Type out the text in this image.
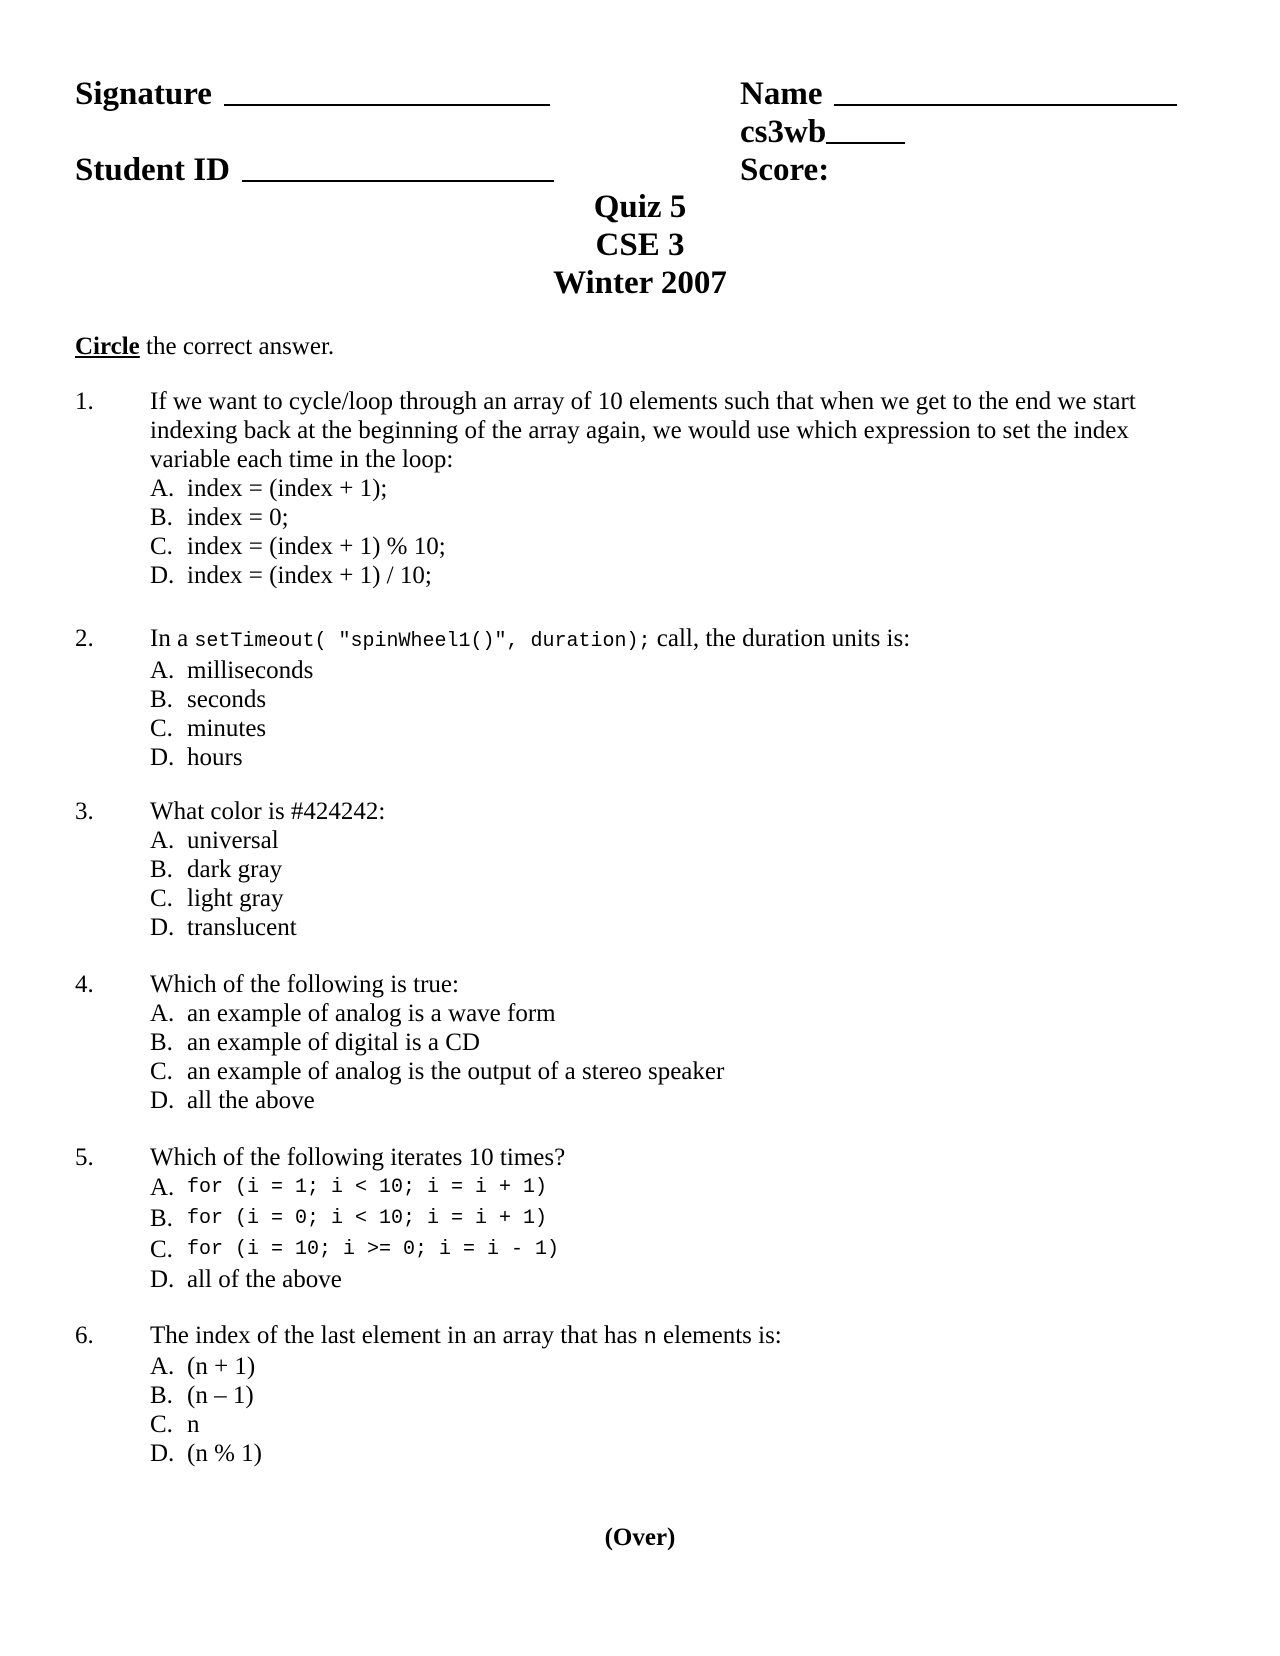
Signature
Student ID
Name
cs3wb
Score:
Quiz 5
CSE 3
Winter 2007
Circle the correct answer.
1. If we want to cycle/loop through an array of 10 elements such that when we get to the end we start indexing back at the beginning of the array again, we would use which expression to set the index variable each time in the loop:
A. index = (index + 1);
B. index = 0;
C. index = (index + 1) % 10;
D. index = (index + 1) / 10;
2. In a setTimeout( "spinWheel1()", duration); call, the duration units is:
A. milliseconds
B. seconds
C. minutes
D. hours
3. What color is #424242:
A. universal
B. dark gray
C. light gray
D. translucent
4. Which of the following is true:
A. an example of analog is a wave form
B. an example of digital is a CD
C. an example of analog is the output of a stereo speaker
D. all the above
5. Which of the following iterates 10 times?
A. for (i = 1; i < 10; i = i + 1)
B. for (i = 0; i < 10; i = i + 1)
C. for (i = 10; i >= 0; i = i - 1)
D. all of the above
6. The index of the last element in an array that has n elements is:
A. (n + 1)
B. (n – 1)
C. n
D. (n % 1)
(Over)
